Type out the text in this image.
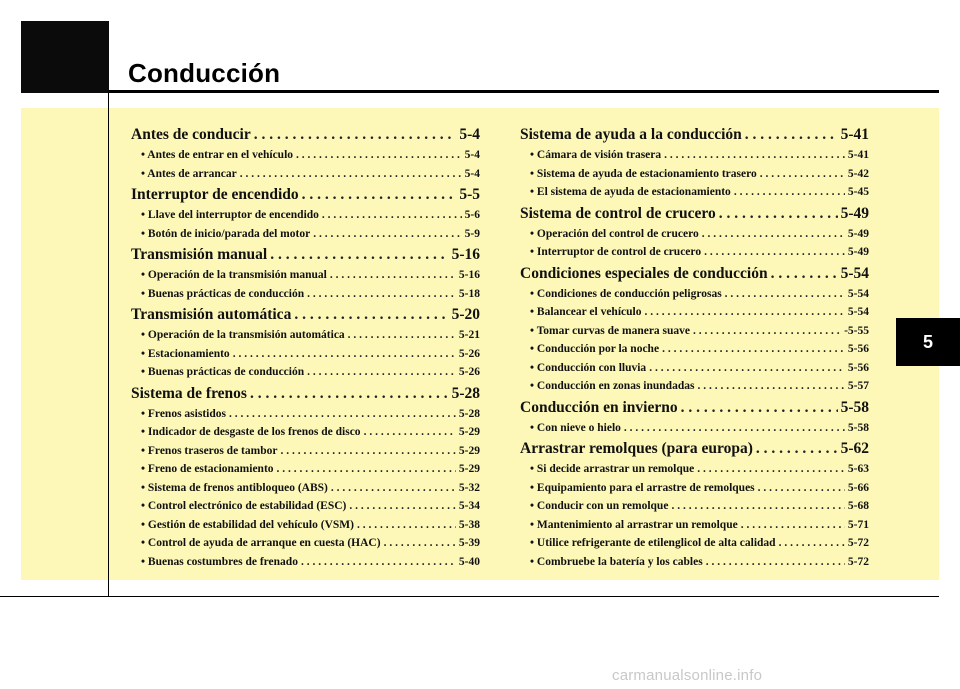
Conducción
Antes de conducir . . .	5-4
• Antes de entrar en el vehículo . . .	5-4
• Antes de arrancar . . .	5-4
Interruptor de encendido . . .	5-5
• Llave del interruptor de encendido . . .	5-6
• Botón de inicio/parada del motor . . .	5-9
Transmisión manual . . .	5-16
• Operación de la transmisión manual . . .	5-16
• Buenas prácticas de conducción . . .	5-18
Transmisión automática . . .	5-20
• Operación de la transmisión automática . . .	5-21
• Estacionamiento . . .	5-26
• Buenas prácticas de conducción . . .	5-26
Sistema de frenos . . .	5-28
• Frenos asistidos . . .	5-28
• Indicador de desgaste de los frenos de disco . . .	5-29
• Frenos traseros de tambor . . .	5-29
• Freno de estacionamiento . . .	5-29
• Sistema de frenos antibloqueo (ABS) . . .	5-32
• Control electrónico de estabilidad (ESC) . . .	5-34
• Gestión de estabilidad del vehículo (VSM) . . .	5-38
• Control de ayuda de arranque en cuesta (HAC) . . .	5-39
• Buenas costumbres de frenado . . .	5-40
Sistema de ayuda a la conducción . . .	5-41
• Cámara de visión trasera . . .	5-41
• Sistema de ayuda de estacionamiento trasero . . .	5-42
• El sistema de ayuda de estacionamiento . . .	5-45
Sistema de control de crucero . . .	5-49
• Operación del control de crucero . . .	5-49
• Interruptor de control de crucero . . .	5-49
Condiciones especiales de conducción . . .	5-54
• Condiciones de conducción peligrosas . . .	5-54
• Balancear el vehículo . . .	5-54
• Tomar curvas de manera suave . . .	-5-55
• Conducción por la noche . . .	5-56
• Conducción con lluvia . . .	5-56
• Conducción en zonas inundadas . . .	5-57
Conducción en invierno . . .	5-58
• Con nieve o hielo . . .	5-58
Arrastrar remolques (para europa) . . .	5-62
• Si decide arrastrar un remolque . . .	5-63
• Equipamiento para el arrastre de remolques . . .	5-66
• Conducir con un remolque . . .	5-68
• Mantenimiento al arrastrar un remolque . . .	5-71
• Utilice refrigerante de etilenglicol de alta calidad . . .	5-72
• Combruebe la batería y los cables . . .	5-72
5
carmanualsonline.info
